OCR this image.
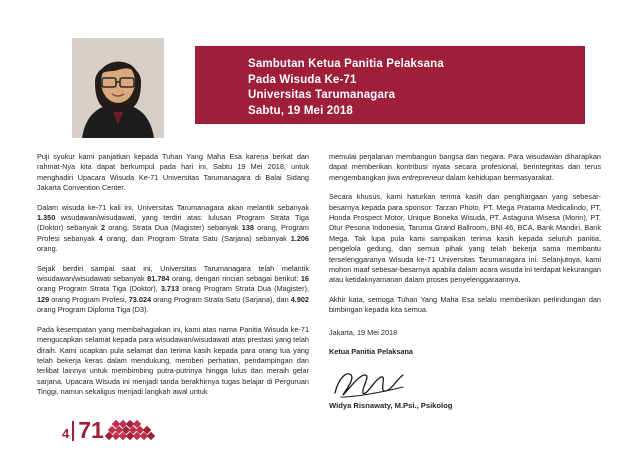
Sambutan Ketua Panitia Pelaksana
Pada Wisuda Ke-71
Universitas Tarumanagara
Sabtu, 19 Mei 2018

Puji syukur kami panjatkan kepada Tuhan Yang Maha Esa karena berkat dan rahmat-Nya kita dapat berkumpul pada hari ini, Sabtu 19 Mei 2018, untuk menghadiri Upacara Wisuda Ke-71 Universitas Tarumanagara di Balai Sidang Jakarta Convention Center.

Dalam wisuda ke-71 kali ini, Universitas Tarumanagara akan melantik sebanyak 1.350 wisudawan/wisudawati, yang terdiri atas: lulusan Program Strata Tiga (Doktor) sebanyak 2 orang, Strata Dua (Magister) sebanyak 138 orang, Program Profesi sebanyak 4 orang, dan Program Strata Satu (Sarjana) sebanyak 1.206 orang.

Sejak berdiri sampai saat ini, Universitas Tarumanagara telah melantik wisudawan/wisudawati sebanyak 81.784 orang, dengan rincian sebagai berikut: 16 orang Program Strata Tiga (Doktor), 3.713 orang Program Strata Dua (Magister), 129 orang Program Profesi, 73.024 orang Program Strata Satu (Sarjana), dan 4.902 orang Program Diploma Tiga (D3).

Pada kesempatan yang membahagiakan ini, kami atas nama Panitia Wisuda ke-71 mengucapkan selamat kepada para wisudawan/wisudawati atas prestasi yang telah diraih. Kami ucapkan pula selamat dan terima kasih kepada para orang tua yang telah bekerja keras dalam mendukung, memberi perhatian, pendampingan dan terlibat lainnya untuk membimbing putra-putrinya hingga lulus dan meraih gelar sarjana. Upacara Wisuda ini menjadi tanda berakhirnya tugas belajar di Perguruan Tinggi, namun sekaligus menjadi langkah awal untuk

memulai perjalanan membangun bangsa dan negara. Para wisudawan diharapkan dapat memberikan kontribusi nyata secara profesional, berintegritas dan terus mengembangkan jiwa entrepreneur dalam kehidupan bermasyarakat.

Secara khusus, kami haturkan terima kasih dan penghargaan yang sebesar-besarnya kepada para sponsor: Tarzan Photo, PT. Mega Pratama Medicalindo, PT, Honda Prospect Motor, Unique Boneka Wisuda, PT. Astaguna Wisesa (Morin), PT. Dtur Pesona Indonesia, Taruma Grand Ballroom, BNI 46, BCA, Bank Mandiri, Bank Mega. Tak lupa pula kami sampaikan terima kasih kepada seluruh panitia, pengelola gedung, dan semua pihak yang telah bekerja sama membantu terselenggaranya Wisuda ke-71 Universitas Tarumanagara ini. Selanjutnya, kami mohon maaf sebesar-besarnya apabila dalam acara wisuda ini terdapat kekurangan atau ketidaknyamanan dalam proses penyelenggaraannya.

Akhir kata, semoga Tuhan Yang Maha Esa selalu memberikan perlindungan dan bimbingan kepada kita semua.

Jakarta, 19 Mei 2018

Ketua Panitia Pelaksana

Widya Risnawaty, M.Psi., Psikolog

4 71
